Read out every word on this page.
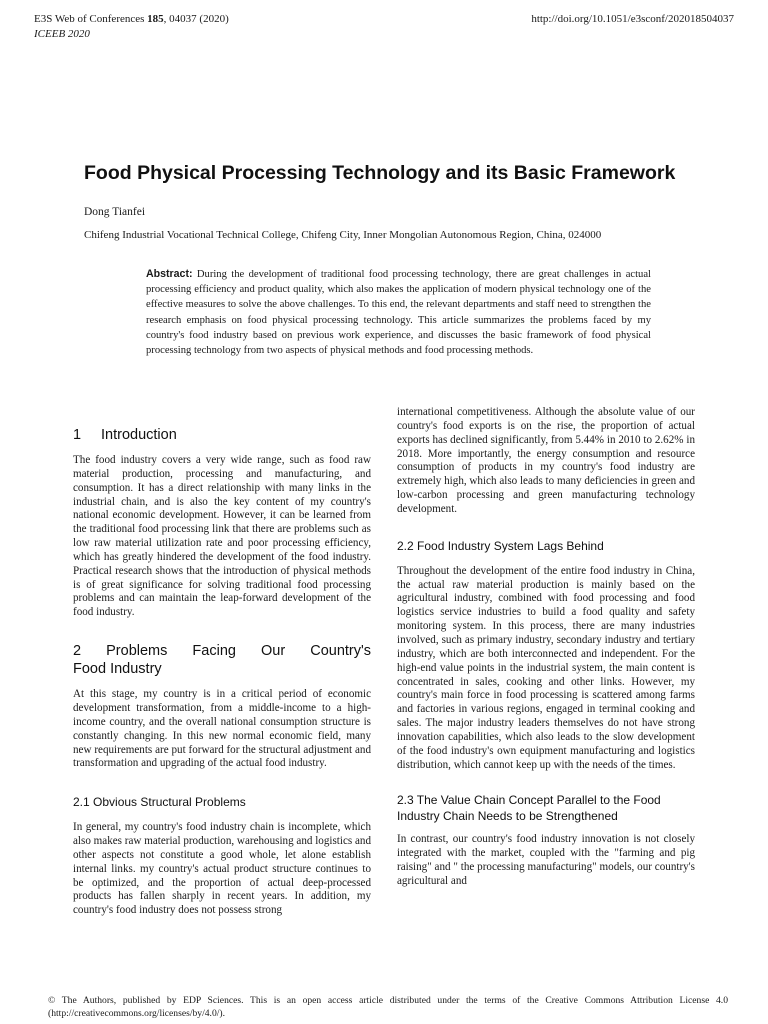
E3S Web of Conferences 185, 04037 (2020)
ICEEB 2020
http://doi.org/10.1051/e3sconf/202018504037
Food Physical Processing Technology and its Basic Framework
Dong Tianfei
Chifeng Industrial Vocational Technical College, Chifeng City, Inner Mongolian Autonomous Region, China, 024000
Abstract: During the development of traditional food processing technology, there are great challenges in actual processing efficiency and product quality, which also makes the application of modern physical technology one of the effective measures to solve the above challenges. To this end, the relevant departments and staff need to strengthen the research emphasis on food physical processing technology. This article summarizes the problems faced by my country's food industry based on previous work experience, and discusses the basic framework of food physical processing technology from two aspects of physical methods and food processing methods.
1 Introduction

The food industry covers a very wide range, such as food raw material production, processing and manufacturing, and consumption. It has a direct relationship with many links in the industrial chain, and is also the key content of my country's national economic development. However, it can be learned from the traditional food processing link that there are problems such as low raw material utilization rate and poor processing efficiency, which has greatly hindered the development of the food industry. Practical research shows that the introduction of physical methods is of great significance for solving traditional food processing problems and can maintain the leap-forward development of the food industry.

2 Problems Facing Our Country's
Food Industry

At this stage, my country is in a critical period of economic development transformation, from a middle-income to a high-income country, and the overall national consumption structure is constantly changing. In this new normal economic field, many new requirements are put forward for the structural adjustment and transformation and upgrading of the actual food industry.

2.1 Obvious Structural Problems

In general, my country's food industry chain is incomplete, which also makes raw material production, warehousing and logistics and other aspects not constitute a good whole, let alone establish internal links. my country's actual product structure continues to be optimized, and the proportion of actual deep-processed products has fallen sharply in recent years. In addition, my country's food industry does not possess strong

international competitiveness. Although the absolute value of our country's food exports is on the rise, the proportion of actual exports has declined significantly, from 5.44% in 2010 to 2.62% in 2018. More importantly, the energy consumption and resource consumption of products in my country's food industry are extremely high, which also leads to many deficiencies in green and low-carbon processing and green manufacturing technology development.

2.2 Food Industry System Lags Behind

Throughout the development of the entire food industry in China, the actual raw material production is mainly based on the agricultural industry, combined with food processing and food logistics service industries to build a food quality and safety monitoring system. In this process, there are many industries involved, such as primary industry, secondary industry and tertiary industry, which are both interconnected and independent. For the high-end value points in the industrial system, the main content is concentrated in sales, cooking and other links. However, my country's main force in food processing is scattered among farms and factories in various regions, engaged in terminal cooking and sales. The major industry leaders themselves do not have strong innovation capabilities, which also leads to the slow development of the food industry's own equipment manufacturing and logistics distribution, which cannot keep up with the needs of the times.

2.3 The Value Chain Concept Parallel to the Food Industry Chain Needs to be Strengthened

In contrast, our country's food industry innovation is not closely integrated with the market, coupled with the "farming and pig raising" and " the processing manufacturing" models, our country's agricultural and

© The Authors, published by EDP Sciences. This is an open access article distributed under the terms of the Creative Commons Attribution License 4.0 (http://creativecommons.org/licenses/by/4.0/).
